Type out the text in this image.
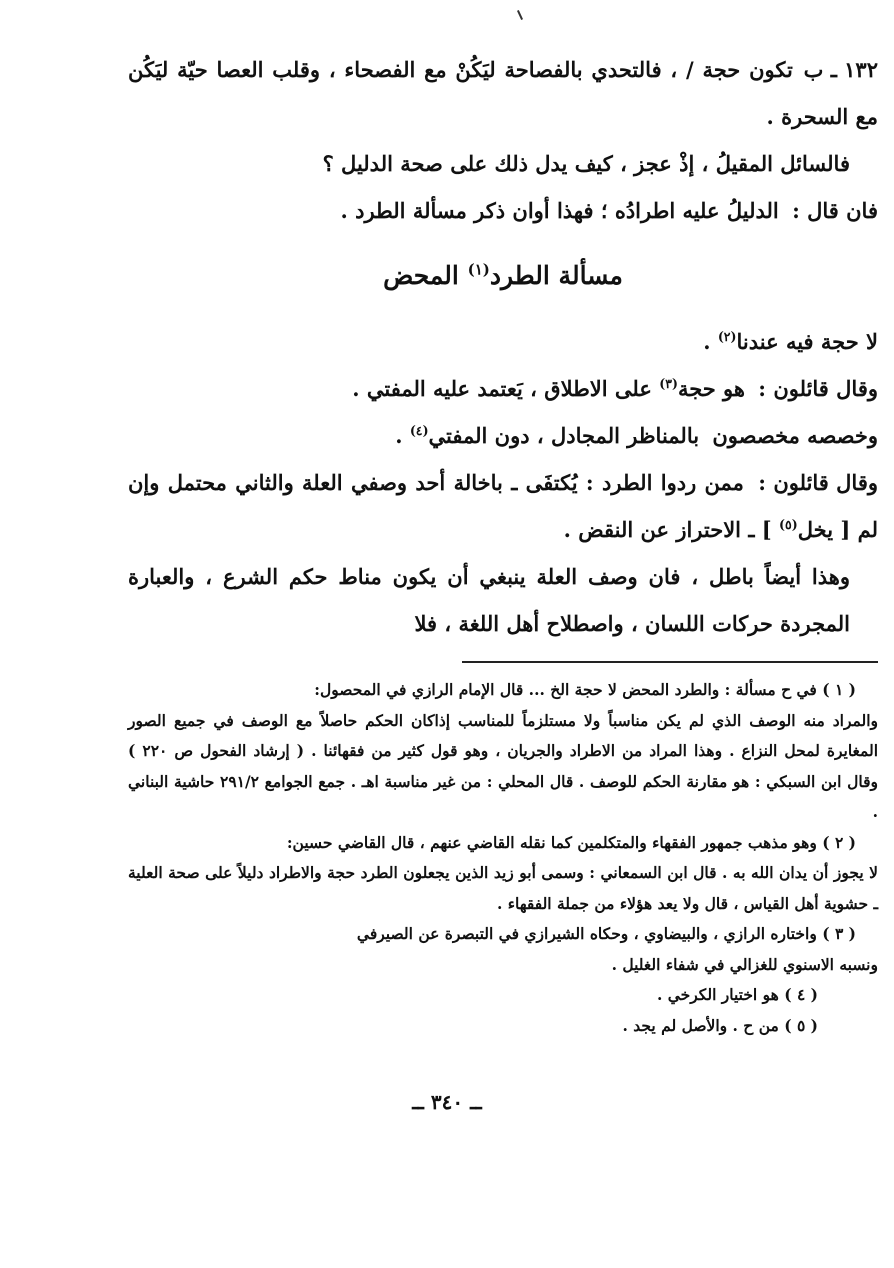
١٣٢ ـ ب تكون حجة / ، فالتحدي بالفصاحة ليَكُنْ مع الفصحاء ، وقلب العصا حيّة ليَكُن مع السحرة .

فالسائل المقيلُ ، إذْ عجز ، كيف يدل ذلك على صحة الدليل ؟

فان قال : الدليلُ عليه اطرادُه ؛ فهذا أوان ذكر مسألة الطرد .

مسألة الطرد$^{(١)}$ المحض

لا حجة فيه عندنا$^{(٢)}$ .

وقال قائلون : هو حجة$^{(٣)}$ على الاطلاق ، يَعتمد عليه المفتي .

وخصصه مخصصون بالمناظر المجادل ، دون المفتي$^{(٤)}$ .

وقال قائلون : ممن ردوا الطرد : يُكتفَى ـ باخالة أحد وصفي العلة والثاني محتمل وإن لم [ يخل$^{(٥)}$ ] ـ الاحتراز عن النقض .

وهذا أيضاً باطل ، فان وصف العلة ينبغي أن يكون مناط حكم الشرع ، والعبارة المجردة حركات اللسان ، واصطلاح أهل اللغة ، فلا

( ١ ) في ح مسألة : والطرد المحض لا حجة الخ ... قال الإمام الرازي في المحصول:

والمراد منه الوصف الذي لم يكن مناسباً ولا مستلزماً للمناسب إذاكان الحكم حاصلاً مع الوصف في جميع الصور المغايرة لمحل النزاع . وهذا المراد من الاطراد والجريان ، وهو قول كثير من فقهائنا . ( إرشاد الفحول ص ٢٢٠ ) وقال ابن السبكي : هو مقارنة الحكم للوصف . قال المحلي : من غير مناسبة اهـ . جمع الجوامع ٢٩١/٢ حاشية البناني .

( ٢ ) وهو مذهب جمهور الفقهاء والمتكلمين كما نقله القاضي عنهم ، قال القاضي حسين:

لا يجوز أن يدان الله به . قال ابن السمعاني : وسمى أبو زيد الذين يجعلون الطرد حجة والاطراد دليلاً على صحة العلية ـ حشوية أهل القياس ، قال ولا يعد هؤلاء من جملة الفقهاء .

( ٣ ) واختاره الرازي ، والبيضاوي ، وحكاه الشيرازي في التبصرة عن الصيرفي

ونسبه الاسنوي للغزالي في شفاء الغليل .

( ٤ ) هو اختيار الكرخي .

( ٥ ) من ح . والأصل لم يجد .

ــ ٣٤٠ ــ
